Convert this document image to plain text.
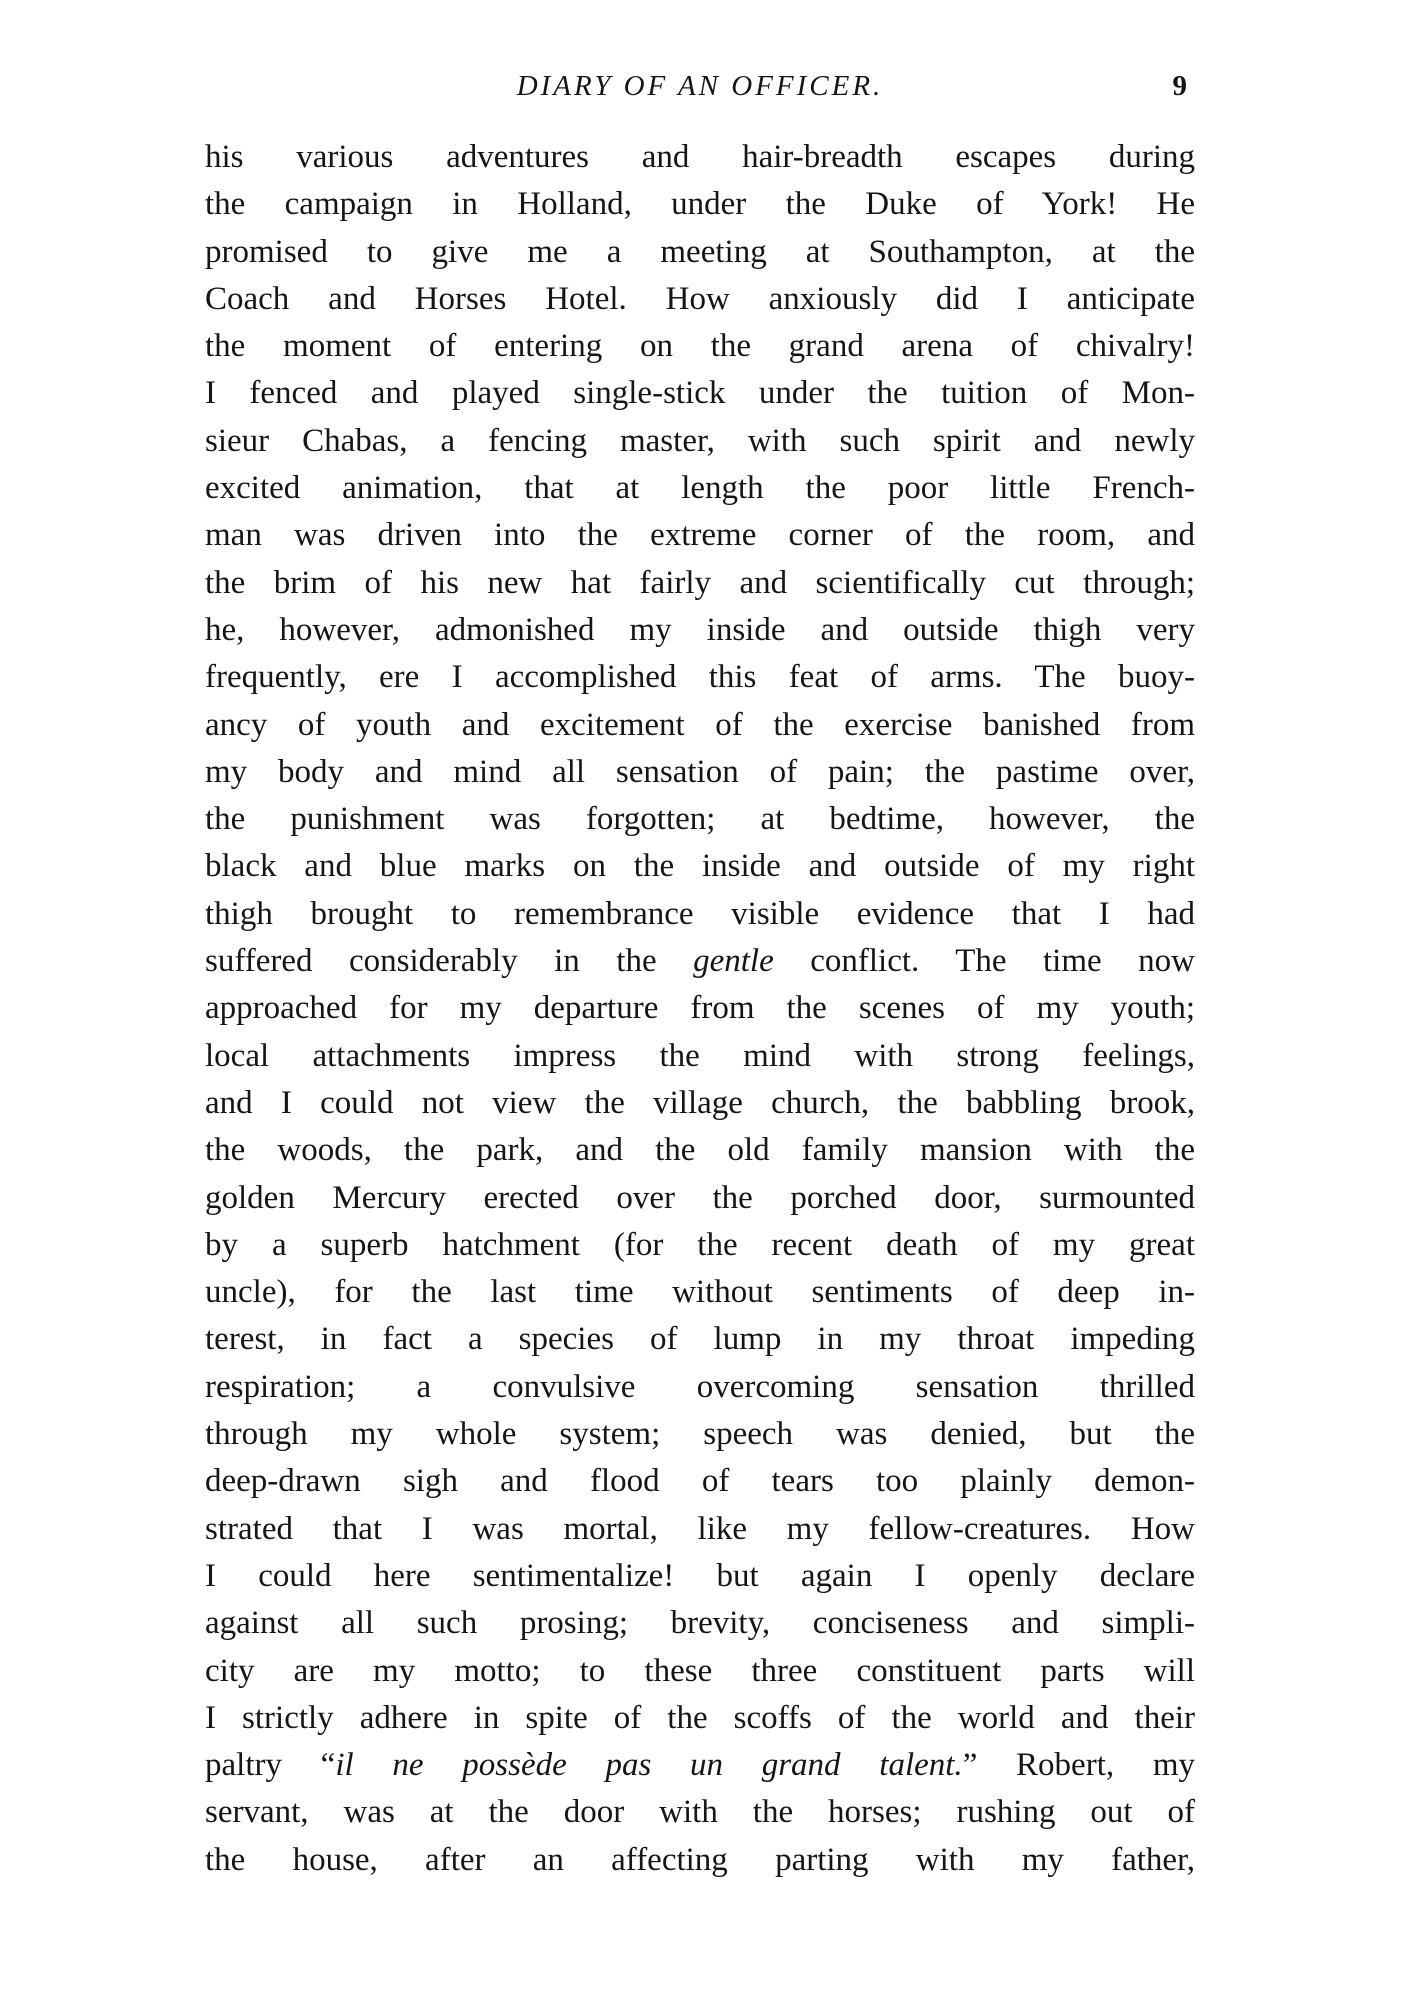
DIARY OF AN OFFICER.	9
his various adventures and hair-breadth escapes during
the campaign in Holland, under the Duke of York! He
promised to give me a meeting at Southampton, at the
Coach and Horses Hotel. How anxiously did I anticipate
the moment of entering on the grand arena of chivalry!
I fenced and played single-stick under the tuition of Mon-
sieur Chabas, a fencing master, with such spirit and newly
excited animation, that at length the poor little French-
man was driven into the extreme corner of the room, and
the brim of his new hat fairly and scientifically cut through;
he, however, admonished my inside and outside thigh very
frequently, ere I accomplished this feat of arms. The buoy-
ancy of youth and excitement of the exercise banished from
my body and mind all sensation of pain; the pastime over,
the punishment was forgotten; at bedtime, however, the
black and blue marks on the inside and outside of my right
thigh brought to remembrance visible evidence that I had
suffered considerably in the gentle conflict. The time now
approached for my departure from the scenes of my youth;
local attachments impress the mind with strong feelings,
and I could not view the village church, the babbling brook,
the woods, the park, and the old family mansion with the
golden Mercury erected over the porched door, surmounted
by a superb hatchment (for the recent death of my great
uncle), for the last time without sentiments of deep in-
terest, in fact a species of lump in my throat impeding
respiration; a convulsive overcoming sensation thrilled
through my whole system; speech was denied, but the
deep-drawn sigh and flood of tears too plainly demon-
strated that I was mortal, like my fellow-creatures. How
I could here sentimentalize! but again I openly declare
against all such prosing; brevity, conciseness and simpli-
city are my motto; to these three constituent parts will
I strictly adhere in spite of the scoffs of the world and their
paltry “il ne possède pas un grand talent.” Robert, my
servant, was at the door with the horses; rushing out of
the house, after an affecting parting with my father,
